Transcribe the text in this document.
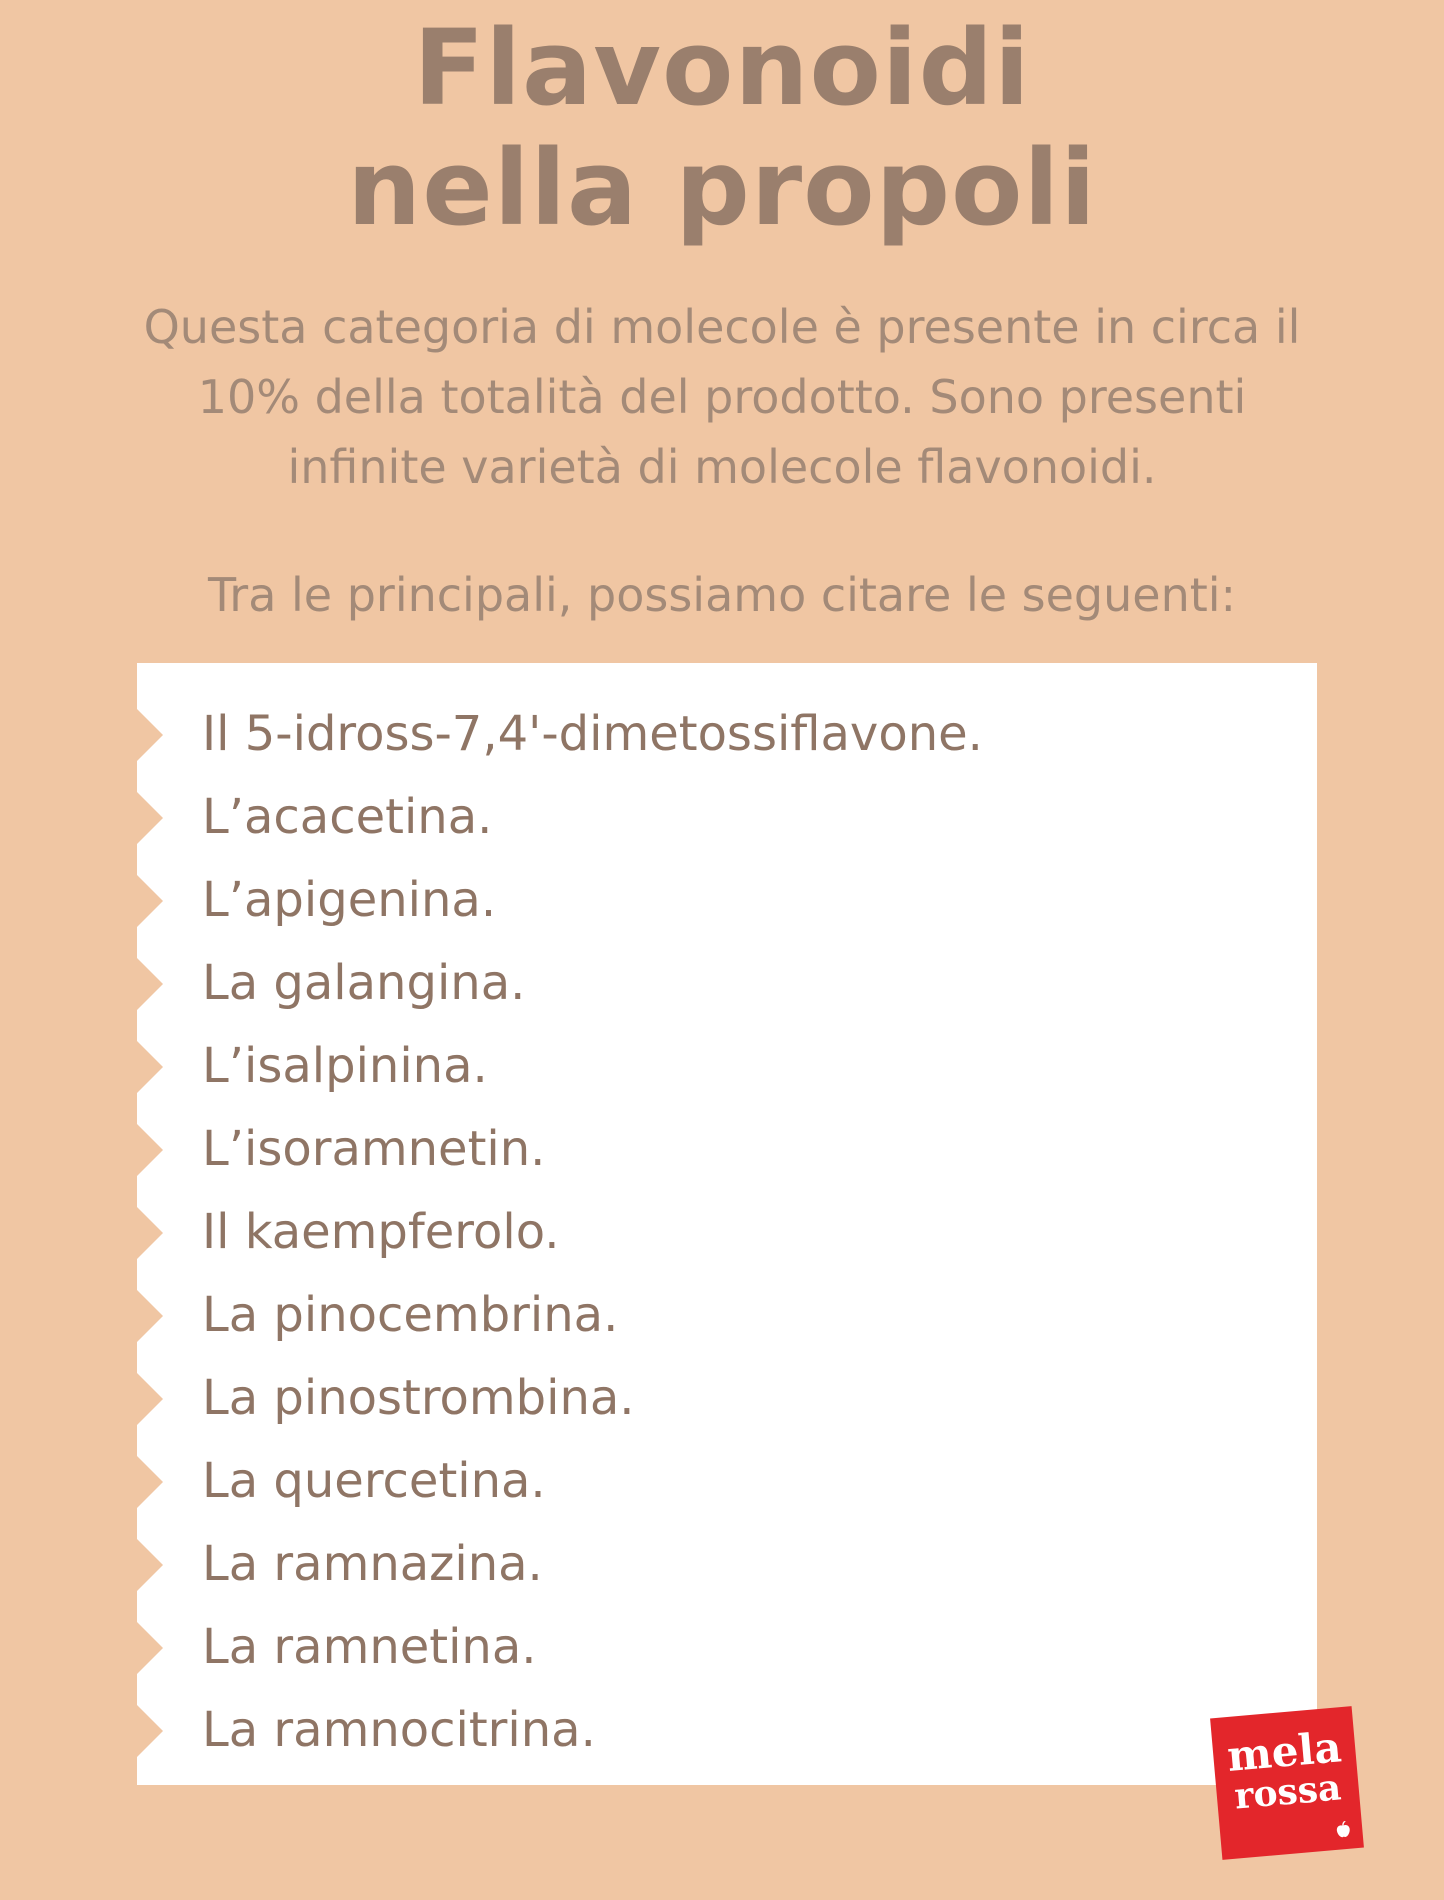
Flavonoidi
nella propoli

Questa categoria di molecole è presente in circa il 10% della totalità del prodotto. Sono presenti infinite varietà di molecole flavonoidi.

Tra le principali, possiamo citare le seguenti:

Il 5-idross-7,4'-dimetossiflavone.
L’acacetina.
L’apigenina.
La galangina.
L’isalpinina.
L’isoramnetin.
Il kaempferolo.
La pinocembrina.
La pinostrombina.
La quercetina.
La ramnazina.
La ramnetina.
La ramnocitrina.	mela
rossa
